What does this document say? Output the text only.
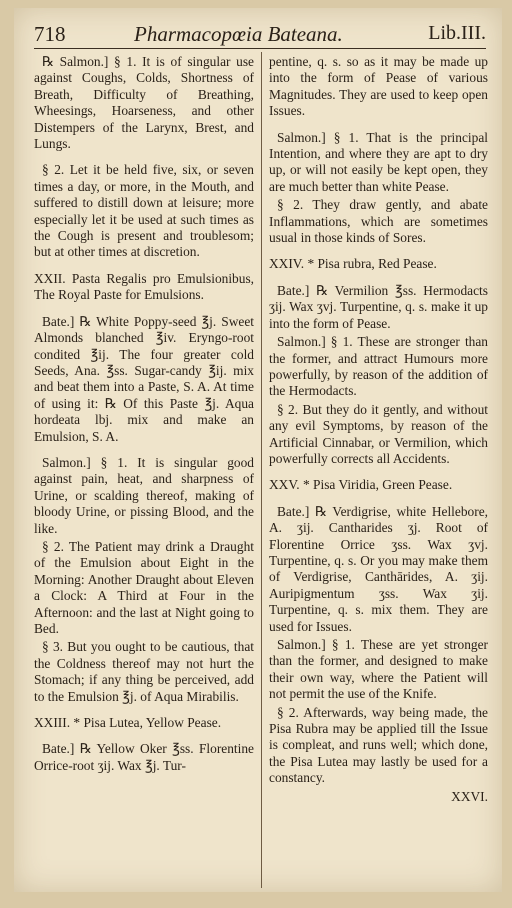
718	Pharmacopœia Bateana.	Lib.III.

℞ Salmon.] § 1. It is of singular use against Coughs, Colds, Shortness of Breath, Difficulty of Breathing, Wheesings, Hoarseness, and other Distempers of the Larynx, Brest, and Lungs.

§ 2. Let it be held five, six, or seven times a day, or more, in the Mouth, and suffered to distill down at leisure; more especially let it be used at such times as the Cough is present and troublesom; but at other times at discretion.

XXII. Pasta Regalis pro Emulsionibus, The Royal Paste for Emulsions.

Bate.] ℞ White Poppy-seed ℥j. Sweet Almonds blanched ℥iv. Eryngo-root condited ℥ij. The four greater cold Seeds, Ana. ℥ss. Sugar-candy ℥ij. mix and beat them into a Paste, S. A. At time of using it: ℞ Of this Paste ℥j. Aqua hordeata lbj. mix and make an Emulsion, S. A.

Salmon.] § 1. It is singular good against pain, heat, and sharpness of Urine, or scalding thereof, making of bloody Urine, or pissing Blood, and the like.

§ 2. The Patient may drink a Draught of the Emulsion about Eight in the Morning: Another Draught about Eleven a Clock: A Third at Four in the Afternoon: and the last at Night going to Bed.

§ 3. But you ought to be cautious, that the Coldness thereof may not hurt the Stomach; if any thing be perceived, add to the Emulsion ℥j. of Aqua Mirabilis.

XXIII. * Pisa Lutea, Yellow Pease.

Bate.] ℞ Yellow Oker ℥ss. Florentine Orrice-root ʒij. Wax ℥j. Tur-

pentine, q. s. so as it may be made up into the form of Pease of various Magnitudes. They are used to keep open Issues.

Salmon.] § 1. That is the principal Intention, and where they are apt to dry up, or will not easily be kept open, they are much better than white Pease.

§ 2. They draw gently, and abate Inflammations, which are sometimes usual in those kinds of Sores.

XXIV. * Pisa rubra, Red Pease.

Bate.] ℞ Vermilion ℥ss. Hermodacts ʒij. Wax ʒvj. Turpentine, q. s. make it up into the form of Pease.

Salmon.] § 1. These are stronger than the former, and attract Humours more powerfully, by reason of the addition of the Hermodacts.

§ 2. But they do it gently, and without any evil Symptoms, by reason of the Artificial Cinnabar, or Vermilion, which powerfully corrects all Accidents.

XXV. * Pisa Viridia, Green Pease.

Bate.] ℞ Verdigrise, white Hellebore, A. ʒij. Cantharides ʒj. Root of Florentine Orrice ʒss. Wax ʒvj. Turpentine, q. s. Or you may make them of Verdigrise, Canthārides, A. ʒij. Auripigmentum ʒss. Wax ʒij. Turpentine, q. s. mix them. They are used for Issues.

Salmon.] § 1. These are yet stronger than the former, and designed to make their own way, where the Patient will not permit the use of the Knife.

§ 2. Afterwards, way being made, the Pisa Rubra may be applied till the Issue is compleat, and runs well; which done, the Pisa Lutea may lastly be used for a constancy.

XXVI.
